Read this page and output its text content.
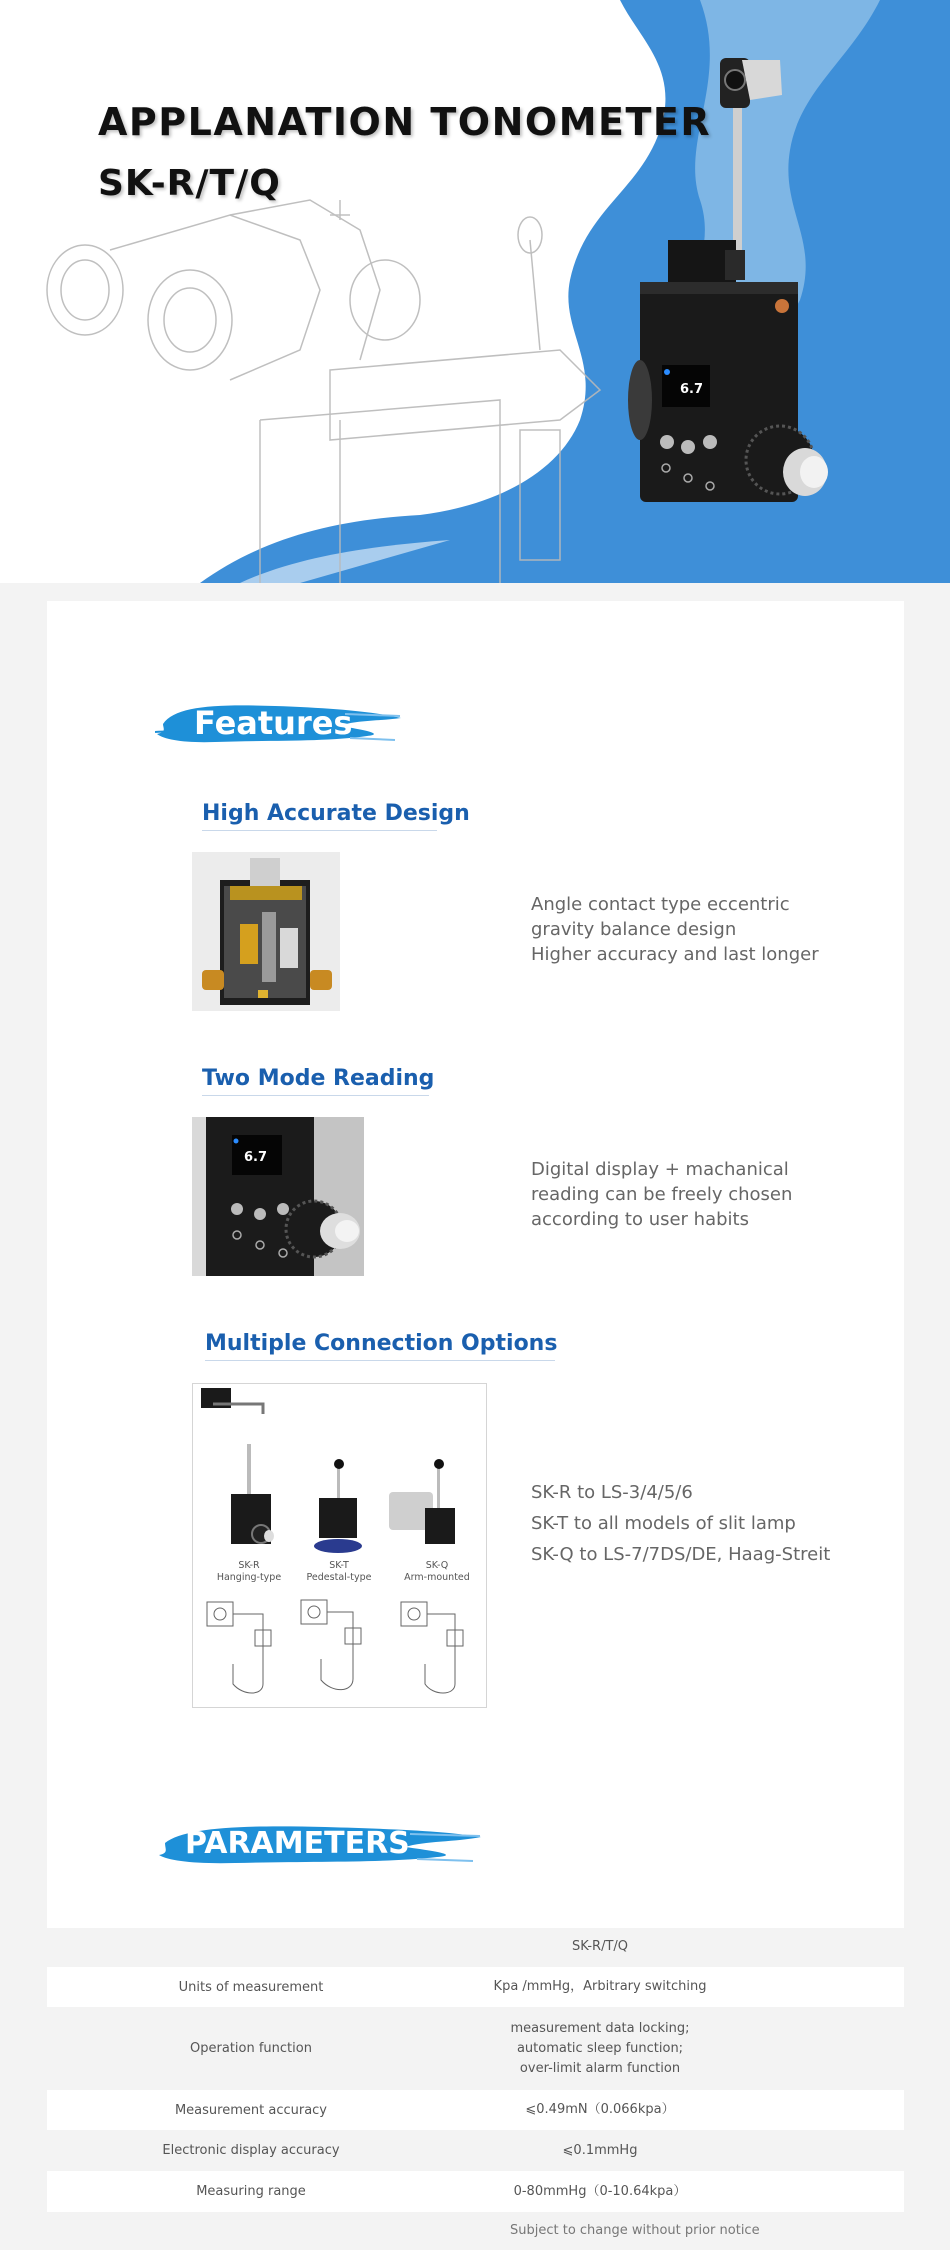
6.7
APPLANATION TONOMETER
SK-R/T/Q
Features
High Accurate Design
Angle contact type eccentric
gravity balance design
Higher accuracy and last longer
Two Mode Reading
6.7
Digital display + machanical
reading can be freely chosen
according to user habits
Multiple Connection Options
SK-R
Hanging-type
SK-T
Pedestal-type
SK-Q
Arm-mounted
SK-R to LS-3/4/5/6
SK-T to all models of slit lamp
SK-Q to LS-7/7DS/DE, Haag-Streit
PARAMETERS
SK-R/T/Q
Units of measurement	Kpa /mmHg，Arbitrary switching
Operation function
measurement data locking;
automatic sleep function;
over-limit alarm function
Measurement accuracy	⩽0.49mN（0.066kpa）
Electronic display accuracy	⩽0.1mmHg
Measuring range	0-80mmHg（0-10.64kpa）
Subject to change without prior notice
